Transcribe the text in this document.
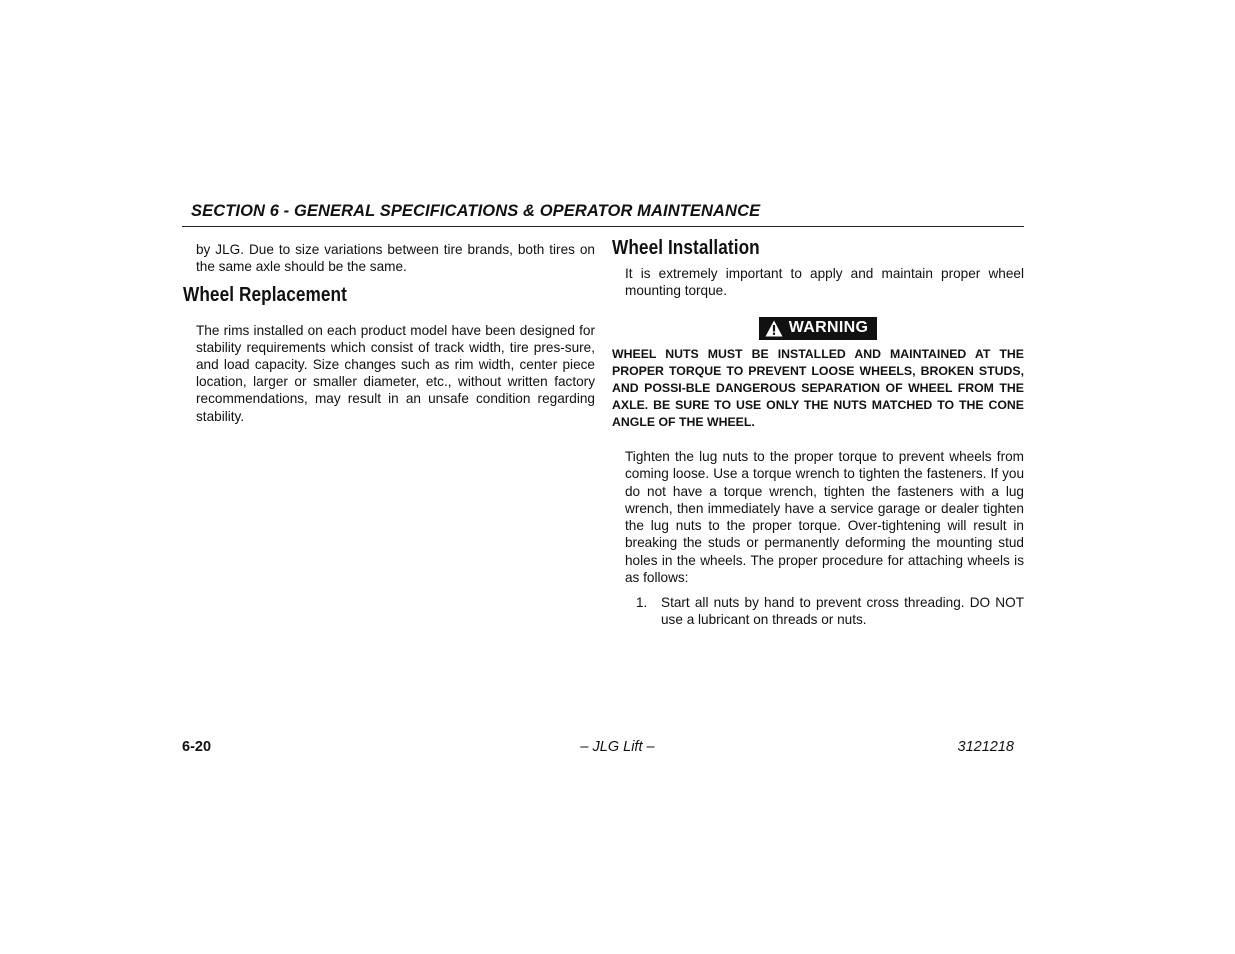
SECTION 6 - GENERAL SPECIFICATIONS & OPERATOR MAINTENANCE

by JLG. Due to size variations between tire brands, both tires on the same axle should be the same.

Wheel Replacement

The rims installed on each product model have been designed for stability requirements which consist of track width, tire pres-sure, and load capacity. Size changes such as rim width, center piece location, larger or smaller diameter, etc., without written factory recommendations, may result in an unsafe condition regarding stability.

Wheel Installation

It is extremely important to apply and maintain proper wheel mounting torque.

WARNING

WHEEL NUTS MUST BE INSTALLED AND MAINTAINED AT THE PROPER TORQUE TO PREVENT LOOSE WHEELS, BROKEN STUDS, AND POSSI-BLE DANGEROUS SEPARATION OF WHEEL FROM THE AXLE. BE SURE TO USE ONLY THE NUTS MATCHED TO THE CONE ANGLE OF THE WHEEL.

Tighten the lug nuts to the proper torque to prevent wheels from coming loose. Use a torque wrench to tighten the fasteners. If you do not have a torque wrench, tighten the fasteners with a lug wrench, then immediately have a service garage or dealer tighten the lug nuts to the proper torque. Over-tightening will result in breaking the studs or permanently deforming the mounting stud holes in the wheels. The proper procedure for attaching wheels is as follows:

1. Start all nuts by hand to prevent cross threading. DO NOT use a lubricant on threads or nuts.
6-20	– JLG Lift –	3121218
